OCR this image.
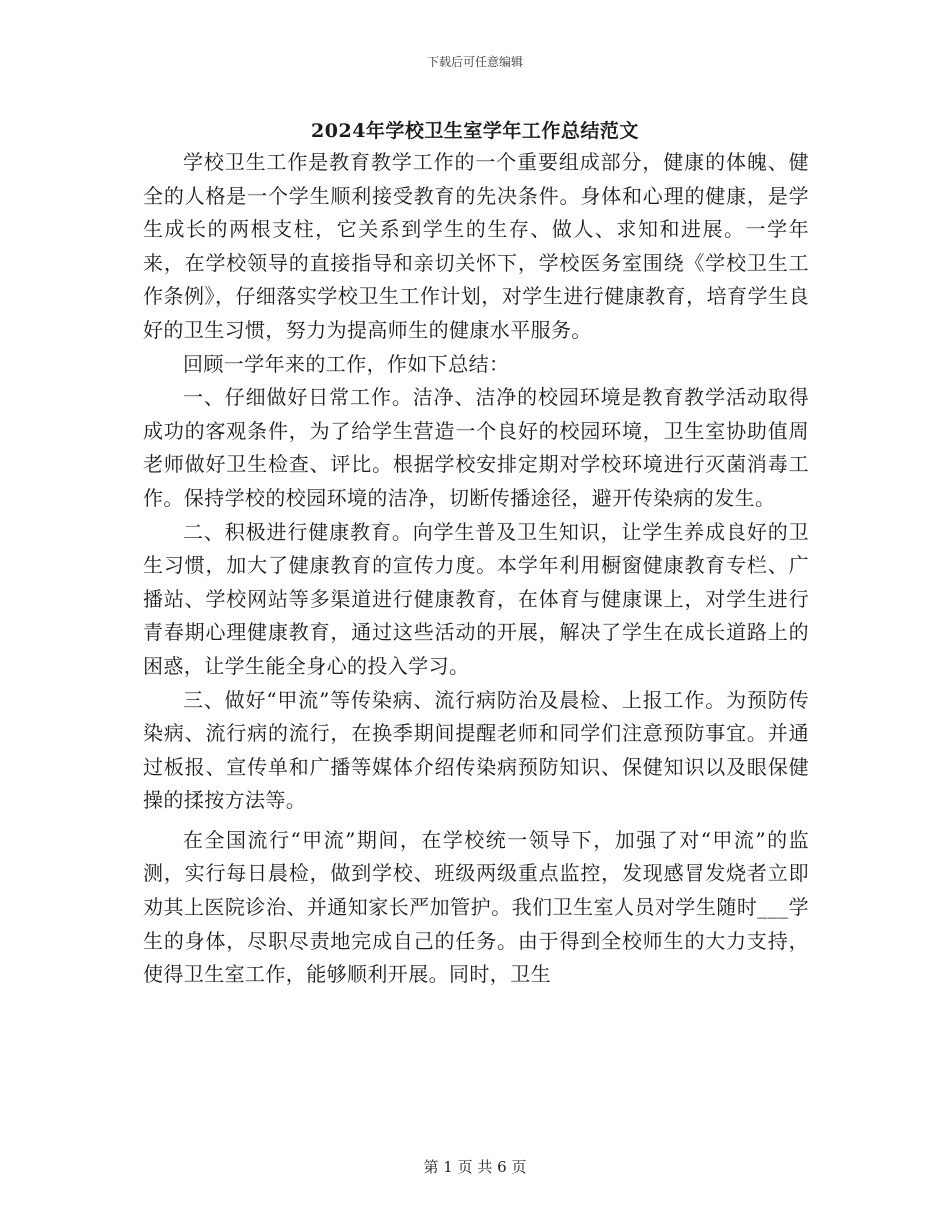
下载后可任意编辑
2024年学校卫生室学年工作总结范文

学校卫生工作是教育教学工作的一个重要组成部分，健康的体魄、健全的人格是一个学生顺利接受教育的先决条件。身体和心理的健康，是学生成长的两根支柱，它关系到学生的生存、做人、求知和进展。一学年来，在学校领导的直接指导和亲切关怀下，学校医务室围绕《学校卫生工作条例》，仔细落实学校卫生工作计划，对学生进行健康教育，培育学生良好的卫生习惯，努力为提高师生的健康水平服务。

回顾一学年来的工作，作如下总结：

一、仔细做好日常工作。洁净、洁净的校园环境是教育教学活动取得成功的客观条件，为了给学生营造一个良好的校园环境，卫生室协助值周老师做好卫生检查、评比。根据学校安排定期对学校环境进行灭菌消毒工作。保持学校的校园环境的洁净，切断传播途径，避开传染病的发生。

二、积极进行健康教育。向学生普及卫生知识，让学生养成良好的卫生习惯，加大了健康教育的宣传力度。本学年利用橱窗健康教育专栏、广播站、学校网站等多渠道进行健康教育，在体育与健康课上，对学生进行青春期心理健康教育，通过这些活动的开展，解决了学生在成长道路上的困惑，让学生能全身心的投入学习。

三、做好“甲流”等传染病、流行病防治及晨检、上报工作。为预防传染病、流行病的流行，在换季期间提醒老师和同学们注意预防事宜。并通过板报、宣传单和广播等媒体介绍传染病预防知识、保健知识以及眼保健操的揉按方法等。

在全国流行“甲流”期间，在学校统一领导下，加强了对“甲流”的监测，实行每日晨检，做到学校、班级两级重点监控，发现感冒发烧者立即劝其上医院诊治、并通知家长严加管护。我们卫生室人员对学生随时___学生的身体，尽职尽责地完成自己的任务。由于得到全校师生的大力支持，使得卫生室工作，能够顺利开展。同时，卫生

第 1 页 共 6 页
